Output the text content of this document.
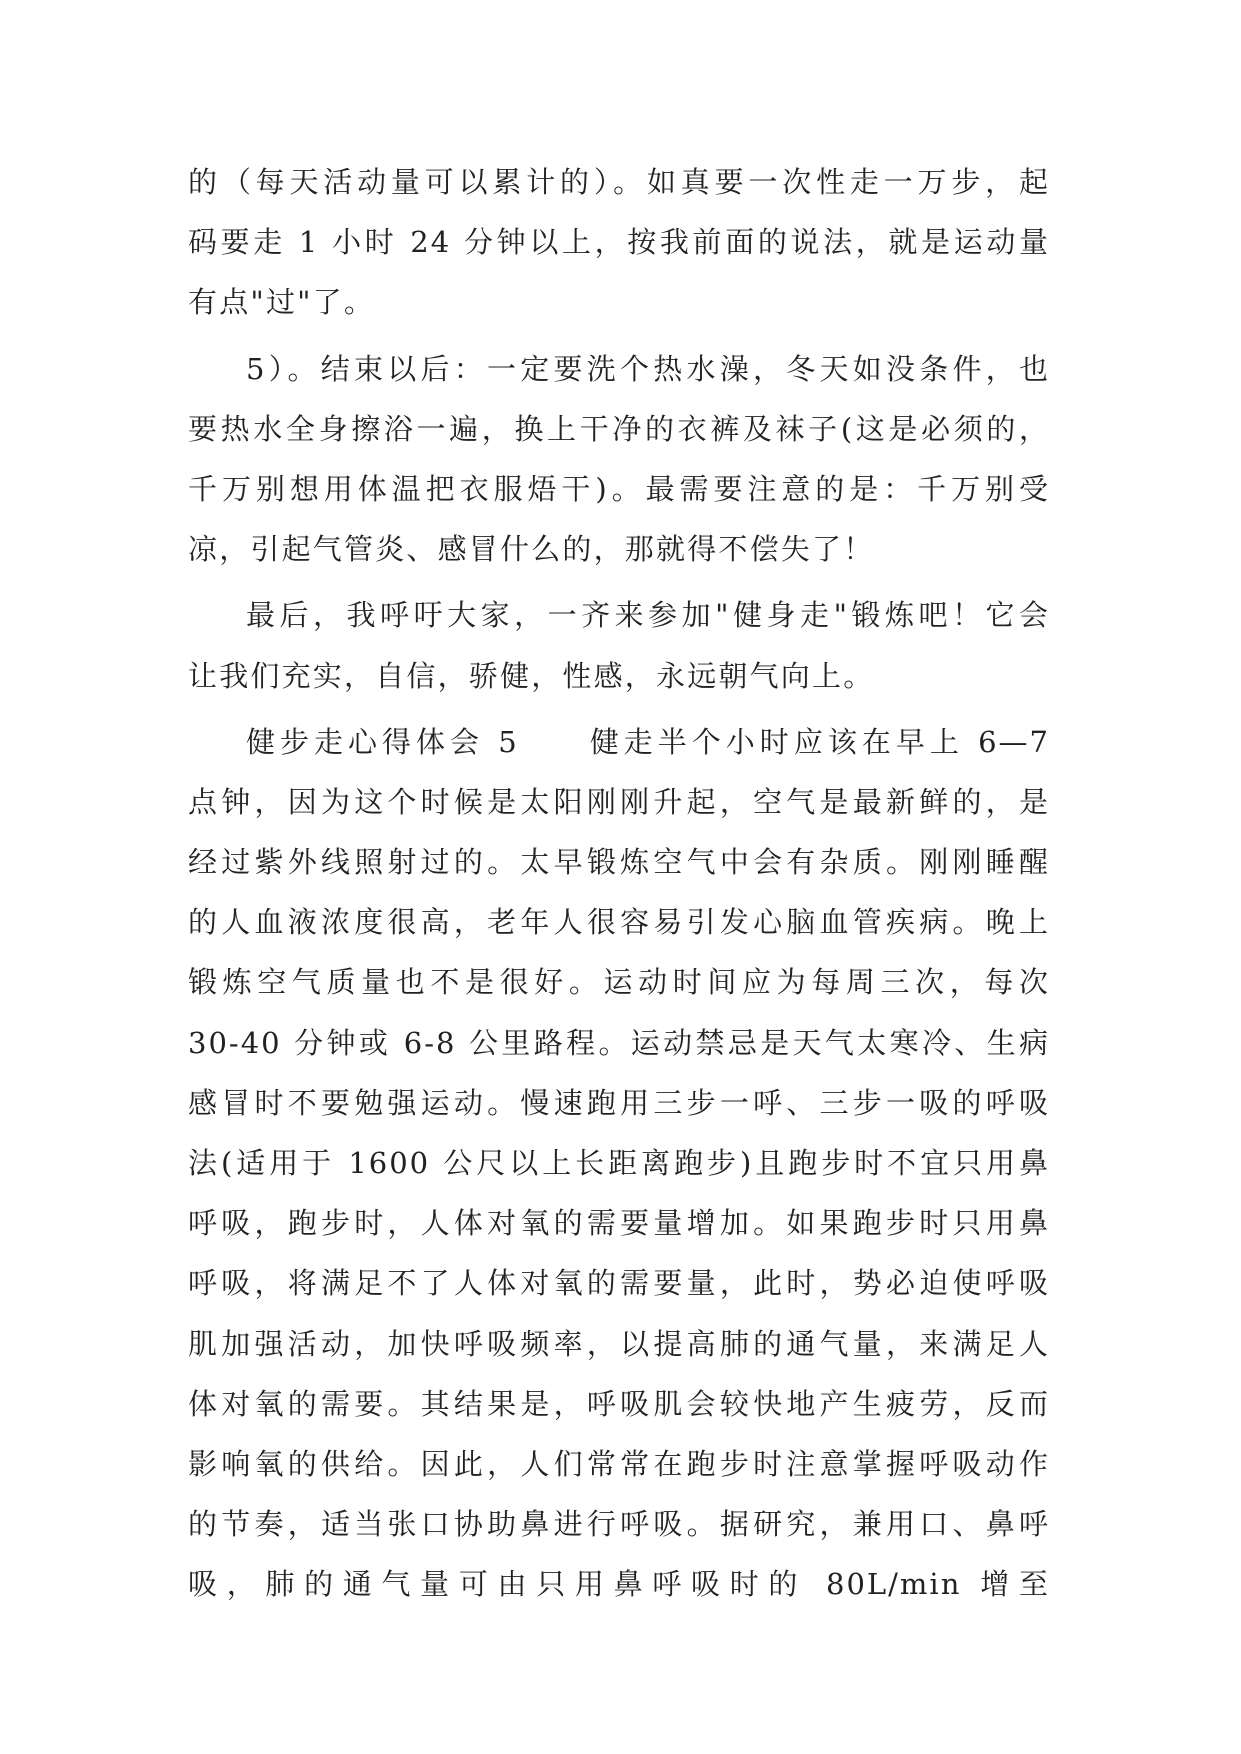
的（每天活动量可以累计的）。如真要一次性走一万步，起
码要走 1 小时 24 分钟以上，按我前面的说法，就是运动量
有点"过"了。
5）。结束以后：一定要洗个热水澡，冬天如没条件，也
要热水全身擦浴一遍，换上干净的衣裤及袜子(这是必须的，
千万别想用体温把衣服焐干)。最需要注意的是：千万别受
凉，引起气管炎、感冒什么的，那就得不偿失了！
最后，我呼吁大家，一齐来参加"健身走"锻炼吧！它会
让我们充实，自信，骄健，性感，永远朝气向上。
健步走心得体会 5　　健走半个小时应该在早上 6—7
点钟，因为这个时候是太阳刚刚升起，空气是最新鲜的，是
经过紫外线照射过的。太早锻炼空气中会有杂质。刚刚睡醒
的人血液浓度很高，老年人很容易引发心脑血管疾病。晚上
锻炼空气质量也不是很好。运动时间应为每周三次，每次
30-40 分钟或 6-8 公里路程。运动禁忌是天气太寒冷、生病
感冒时不要勉强运动。慢速跑用三步一呼、三步一吸的呼吸
法(适用于 1600 公尺以上长距离跑步)且跑步时不宜只用鼻
呼吸，跑步时，人体对氧的需要量增加。如果跑步时只用鼻
呼吸，将满足不了人体对氧的需要量，此时，势必迫使呼吸
肌加强活动，加快呼吸频率，以提高肺的通气量，来满足人
体对氧的需要。其结果是，呼吸肌会较快地产生疲劳，反而
影响氧的供给。因此，人们常常在跑步时注意掌握呼吸动作
的节奏，适当张口协助鼻进行呼吸。据研究，兼用口、鼻呼
吸，肺的通气量可由只用鼻呼吸时的 80L/min 增至
